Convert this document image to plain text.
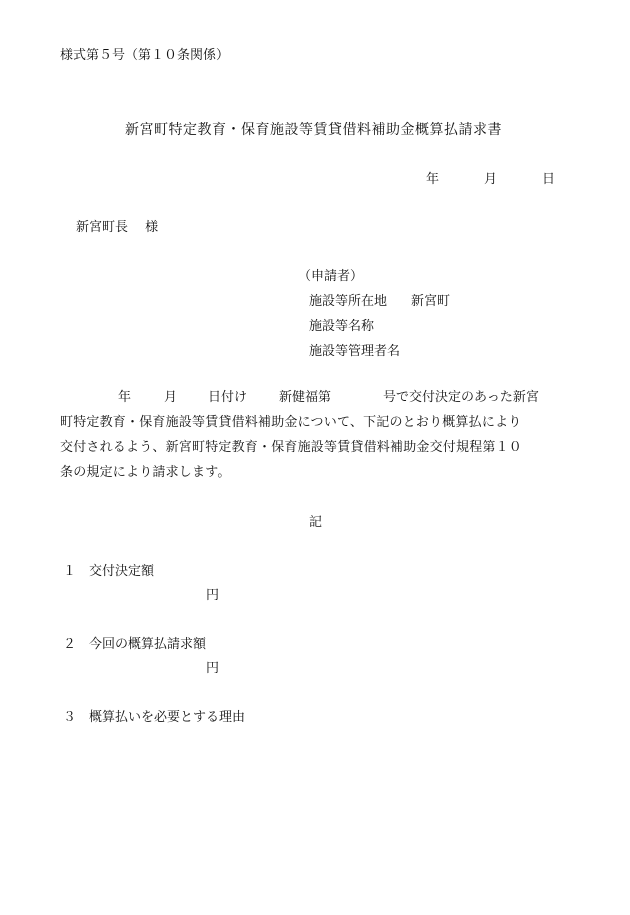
様式第５号（第１０条関係）
新宮町特定教育・保育施設等賃貸借料補助金概算払請求書
年	月	日
新宮町長　 様
（申請者）
施設等所在地 新宮町
施設等名称
施設等管理者名
年	月 日付け 新健福第	号で交付決定のあった新宮
町特定教育・保育施設等賃貸借料補助金について、下記のとおり概算払により
交付されるよう、新宮町特定教育・保育施設等賃貸借料補助金交付規程第１０
条の規定により請求します。
記
１ 交付決定額
円
２ 今回の概算払請求額
円
３ 概算払いを必要とする理由
